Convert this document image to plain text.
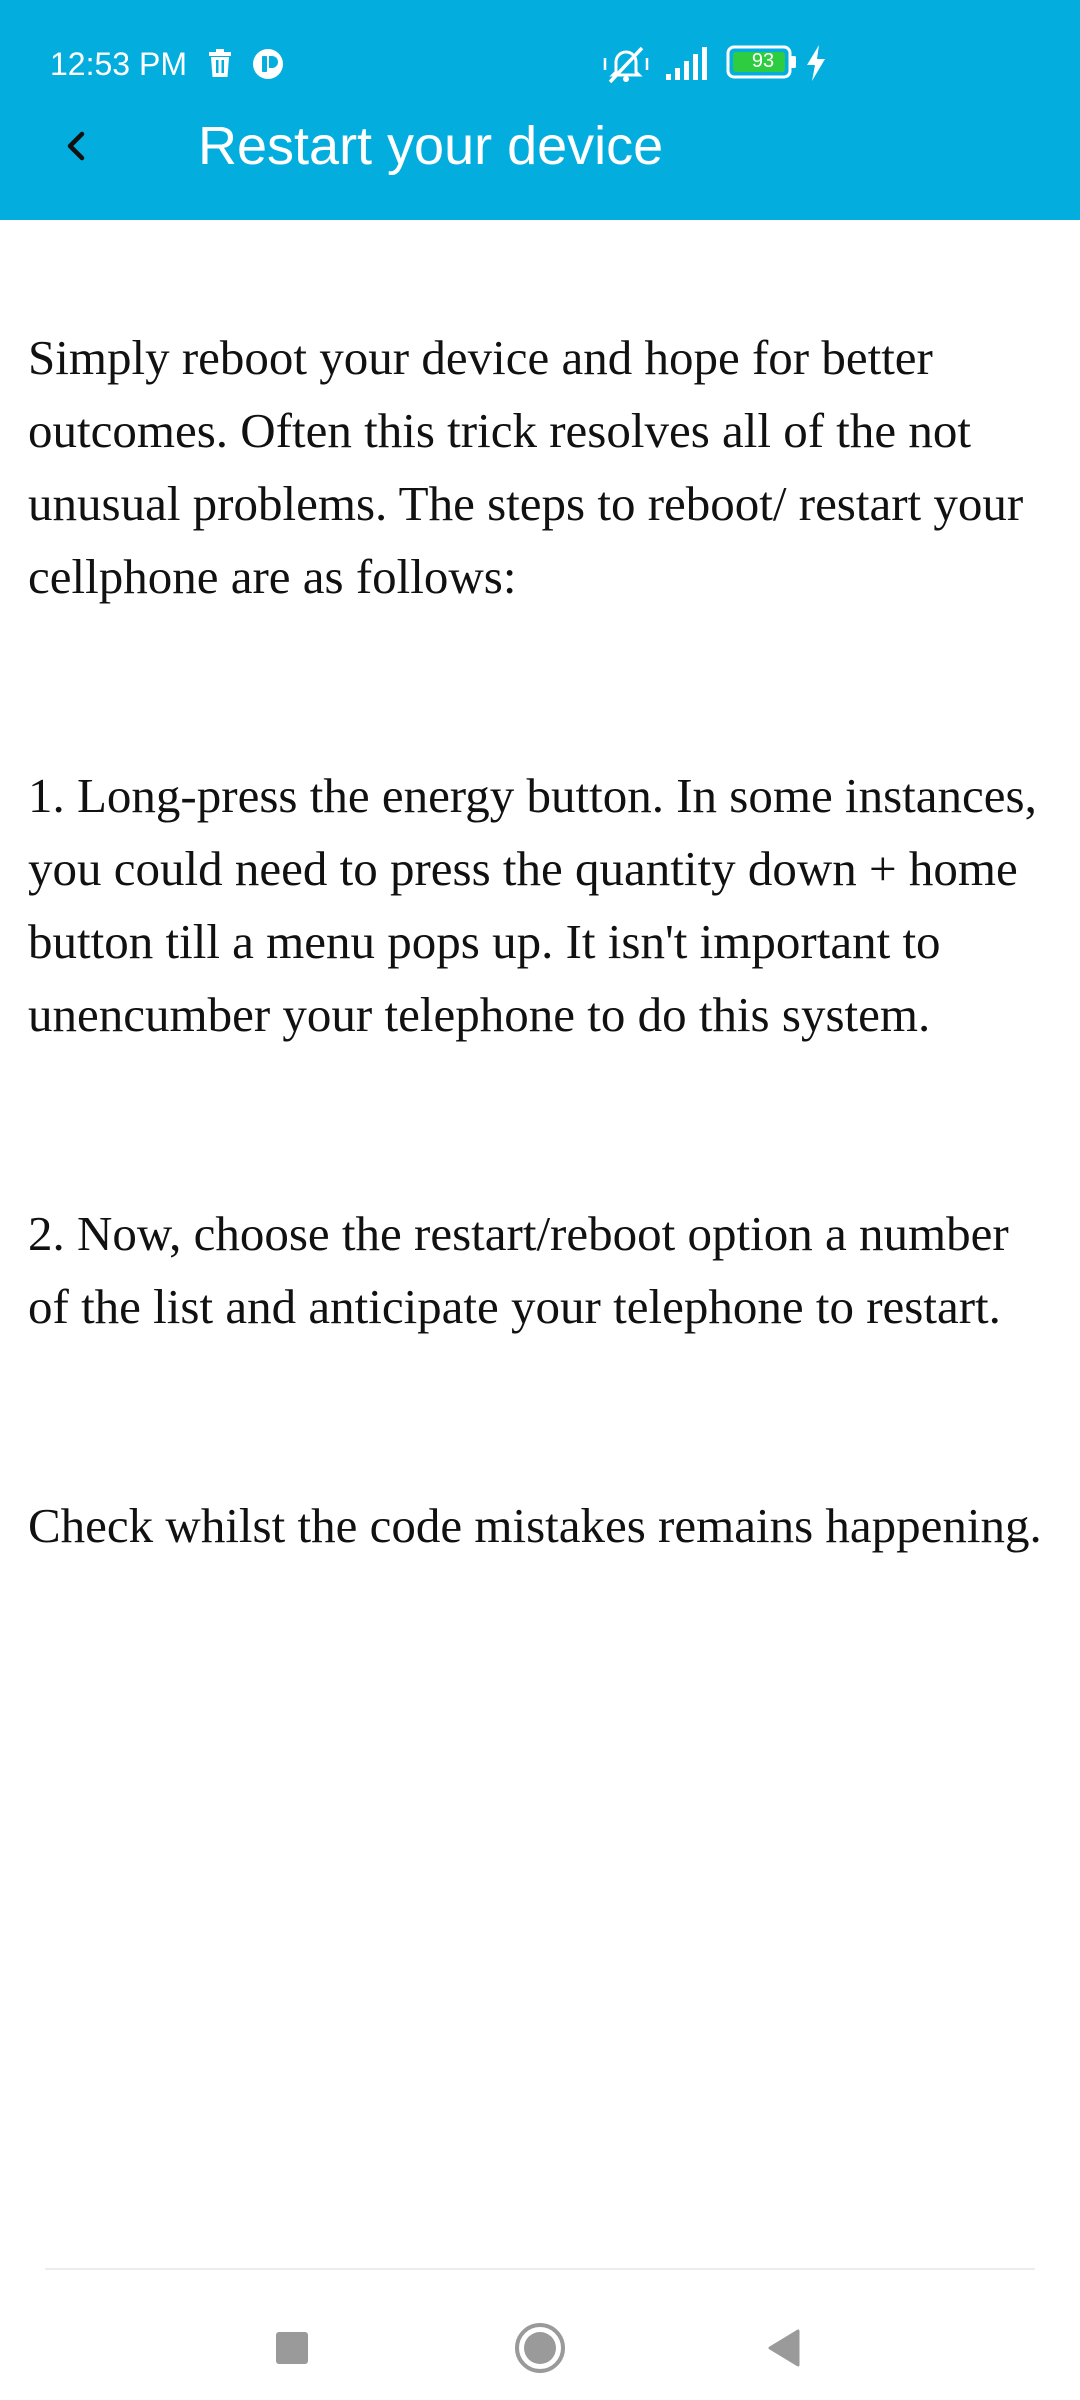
12:53 PM	93
Restart your device

Simply reboot your device and hope for better outcomes. Often this trick resolves all of the not unusual problems. The steps to reboot/ restart your cellphone are as follows:

1. Long-press the energy button. In some instances, you could need to press the quantity down + home button till a menu pops up. It isn't important to unencumber your telephone to do this system.

2. Now, choose the restart/reboot option a number of the list and anticipate your telephone to restart.

Check whilst the code mistakes remains happening.
